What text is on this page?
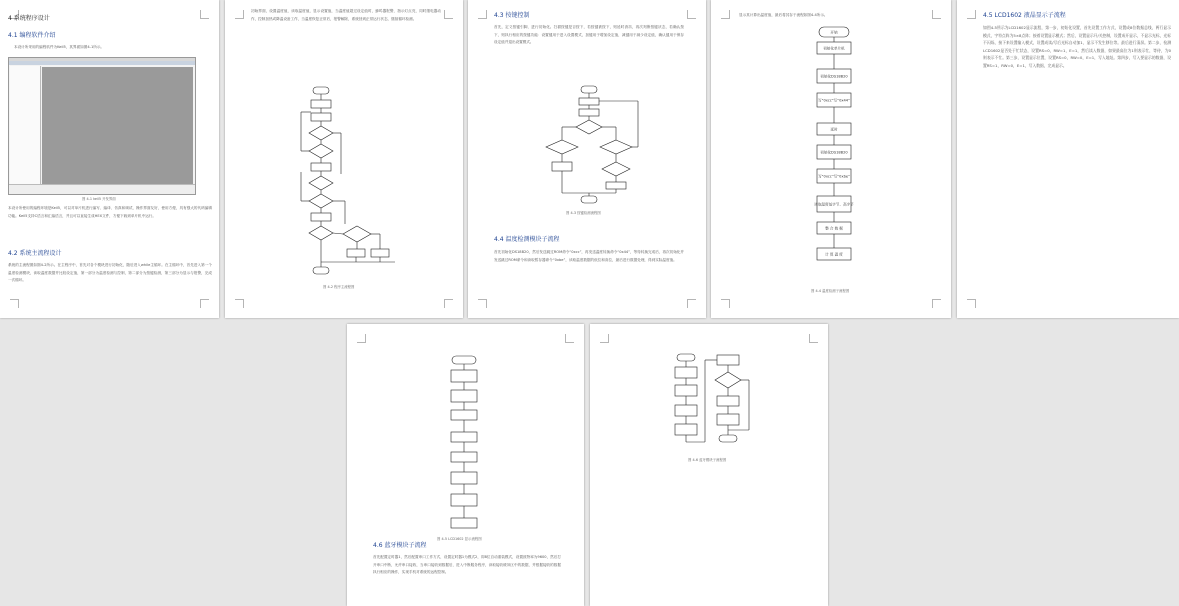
4 系统程序设计
4.1 编程软件介绍
本设计所采用的编程软件为Keil5，其界面如图4-1所示。
图 4-1 keil5 开发界面
本设计所使用的编程环境是Keil5，可以对单片机进行编写、编译、仿真和调试，操作界面友好，使用方便，具有强大的代码编辑功能。Keil5支持C语言和汇编语言，并且可以直接生成HEX文件，方便下载到单片机中运行。
4.2 系统主流程设计
系统的主流程图如图4-2所示。在主程序中，首先对各个模块进行初始化，随后进入while主循环。在主循环中，首先进入第一个温度检测模块，读取温度数据并比较设定值，第一部分为温度检测与控制，第二部分为按键检测，第三部分为显示与报警，完成一次循环。
初始界面，设置温度值，读取温度值，显示设置值，当温度值超过设定值时，蜂鸣器报警，指示灯点亮，同时继电器动作，控制加热或降温设备工作，当温度恢复正常后，报警解除，系统回到正常运行状态，继续循环检测。
图 4-2 程序主流程图
4.3 按键控制
首先，定义按键引脚，进行初始化。扫描按键是否按下，若按键被按下，则延时消抖，再次判断按键状态，若确认按下，则执行相应的按键功能：设置键用于进入设置模式，加键用于增加设定值，减键用于减少设定值，确认键用于保存设定值并退出设置模式。
图 4-3 按键检测流程图
4.4 温度检测模块子流程
首先初始化DS18B20，然后发送跳过ROM命令“0xcc”，再发送温度转换命令“0x44”，等待转换完成后，再次初始化并发送跳过ROM命令和读取暂存器命令“0xbe”，读取温度数据的低位和高位，最后进行数据处理，得到实际温度值。
显示其计算出温度值，最后将其存于流程如图4-4所示。
开始
初始化单片机
初始化DS18B20
写“0xcc”写“0x44”
延时
初始化DS18B20
写“0xcc”写“0xbe”
读取温度低字节、高字节
整 合 数 据
计 算 温 度
图 4-4 温度检测子流程图
4.5 LCD1602 液晶显示子流程
如图4-5所示为LCD1602显示流程，第一步，初始化设置，首先设置工作方式，设置成8位数据总线，两行显示模式，字符点阵为5×8点阵；接着设置显示模式；然后，设置显示开/关控制，设置成开显示，不显示光标，光标不闪烁，接下来设置输入模式，设置成读/写后光标自动加1，显示不发生移位等。最后进行清屏。第二步，检测LCD1602是否处于忙状态，设置RS=0，RW=1，E=1，然后读入数据，如果最高位为1则表示忙，等待，为0则表示不忙。第三步，设置显示位置，设置RS=0，RW=0，E=1，写入地址。第四步，写入要显示的数据，设置RS=1，RW=0，E=1，写入数据，完成显示。
图 4-5 LCD1602 显示流程图
4.6 蓝牙模块子流程
首先配置定时器1，然后配置串口工作方式，设置定时器1为模式2，即8位自动重装模式，设置波特率为9600，然后打开串口中断，允许串口接收，当串口接收到数据后，进入中断服务程序，读取接收缓冲区中的数据，并根据接收的数据执行相应的操作，实现手机对系统的远程控制。
图 4-6 蓝牙模块子流程图
